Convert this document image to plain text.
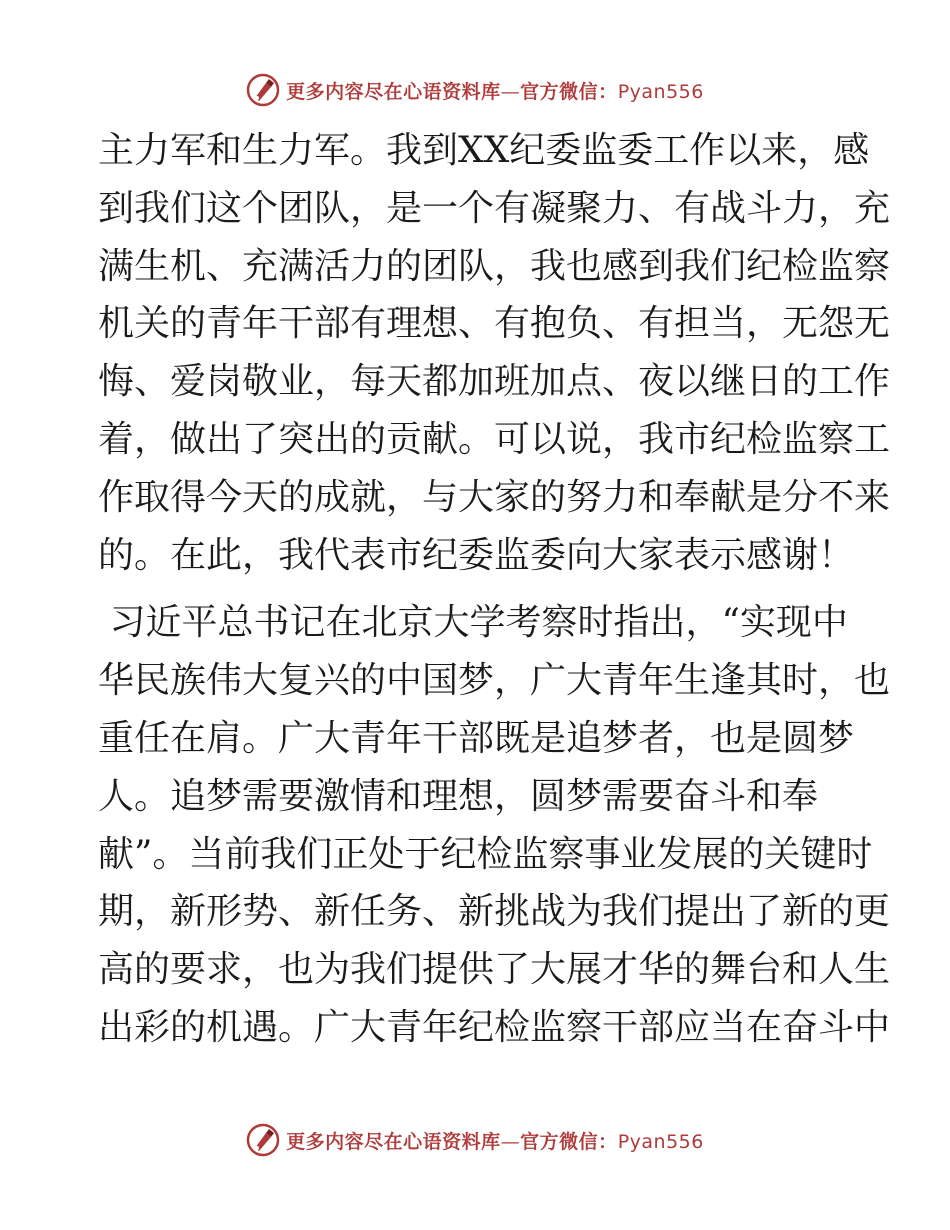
更多内容尽在心语资料库—官方微信：Pyan556
主力军和生力军。我到XX纪委监委工作以来，感
到我们这个团队，是一个有凝聚力、有战斗力，充
满生机、充满活力的团队，我也感到我们纪检监察
机关的青年干部有理想、有抱负、有担当，无怨无
悔、爱岗敬业，每天都加班加点、夜以继日的工作
着，做出了突出的贡献。可以说，我市纪检监察工
作取得今天的成就，与大家的努力和奉献是分不来
的。在此，我代表市纪委监委向大家表示感谢！
习近平总书记在北京大学考察时指出，“实现中
华民族伟大复兴的中国梦，广大青年生逢其时，也
重任在肩。广大青年干部既是追梦者，也是圆梦
人。追梦需要激情和理想，圆梦需要奋斗和奉
献”。当前我们正处于纪检监察事业发展的关键时
期，新形势、新任务、新挑战为我们提出了新的更
高的要求，也为我们提供了大展才华的舞台和人生
出彩的机遇。广大青年纪检监察干部应当在奋斗中
更多内容尽在心语资料库—官方微信：Pyan556
